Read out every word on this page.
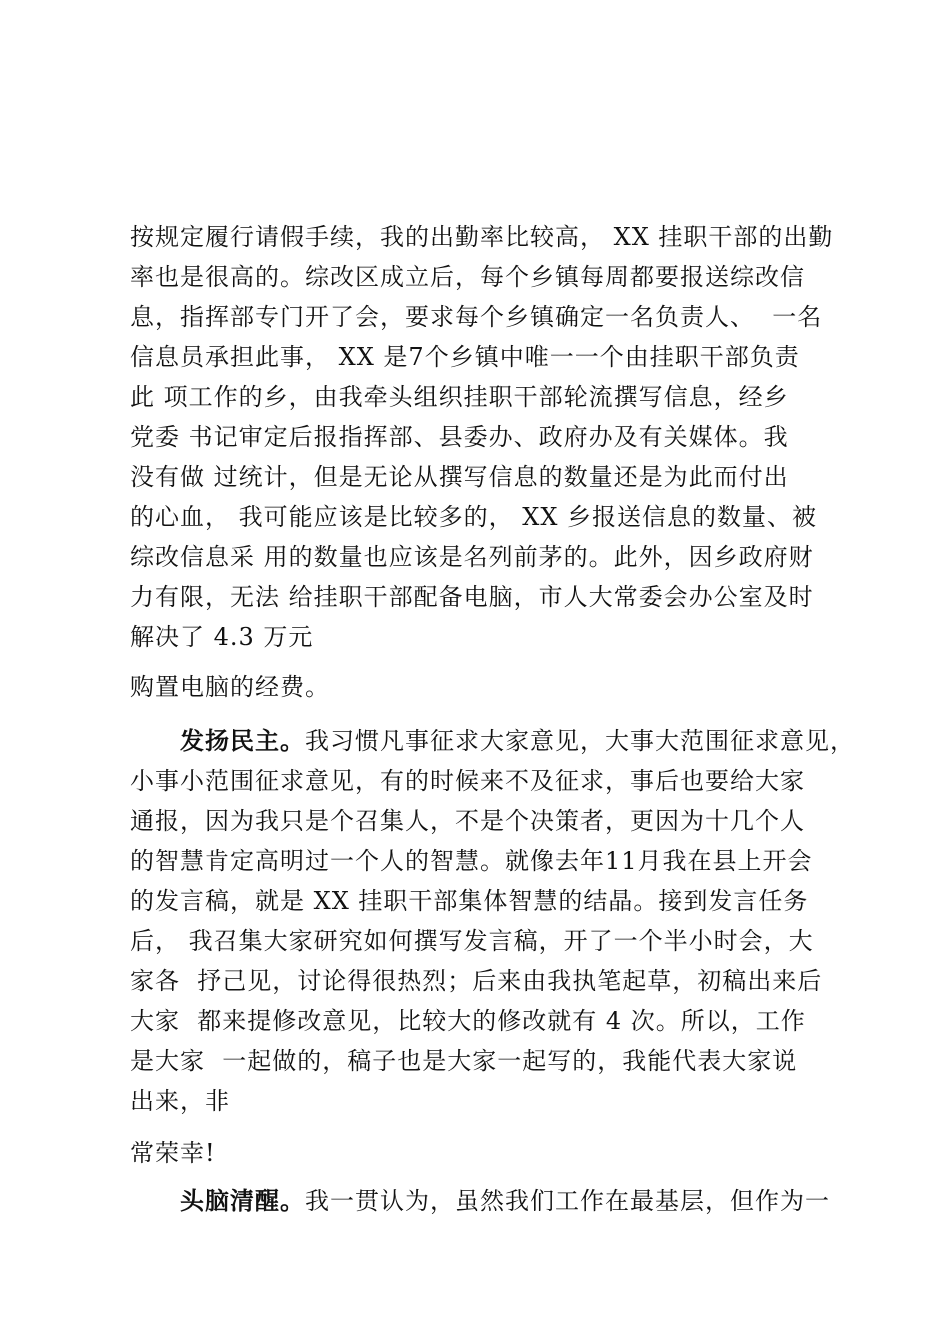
按规定履行请假手续，我的出勤率比较高， XX 挂职干部的出勤
率也是很高的。综改区成立后，每个乡镇每周都要报送综改信
息，指挥部专门开了会，要求每个乡镇确定一名负责人、  一名
信息员承担此事， XX 是7个乡镇中唯一一个由挂职干部负责
此 项工作的乡，由我牵头组织挂职干部轮流撰写信息，经乡
党委 书记审定后报指挥部、县委办、政府办及有关媒体。我
没有做 过统计，但是无论从撰写信息的数量还是为此而付出
的心血， 我可能应该是比较多的， XX 乡报送信息的数量、被
综改信息采 用的数量也应该是名列前茅的。此外，因乡政府财
力有限，无法 给挂职干部配备电脑，市人大常委会办公室及时
解决了 4.3 万元
购置电脑的经费。
发扬民主。我习惯凡事征求大家意见，大事大范围征求意见，
小事小范围征求意见，有的时候来不及征求，事后也要给大家
通报，因为我只是个召集人，不是个决策者，更因为十几个人
的智慧肯定高明过一个人的智慧。就像去年11月我在县上开会
的发言稿，就是 XX 挂职干部集体智慧的结晶。接到发言任务
后， 我召集大家研究如何撰写发言稿，开了一个半小时会，大
家各  抒己见，讨论得很热烈；后来由我执笔起草，初稿出来后
大家  都来提修改意见，比较大的修改就有 4 次。所以，工作
是大家  一起做的，稿子也是大家一起写的，我能代表大家说
出来，非
常荣幸!
头脑清醒。我一贯认为，虽然我们工作在最基层，但作为一
